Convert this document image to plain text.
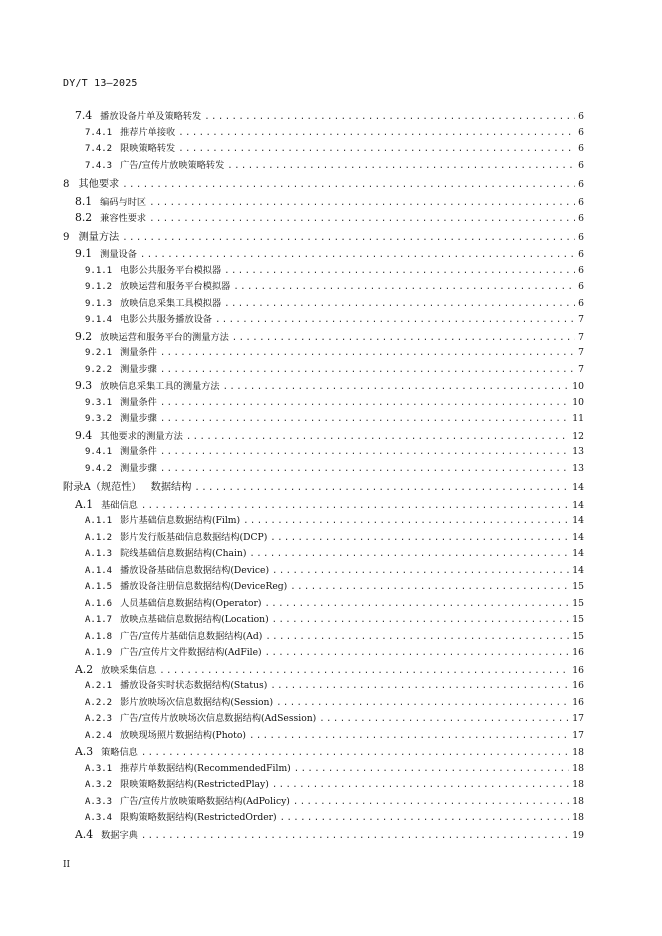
DY/T 13—2025
7.4 播放设备片单及策略转发 .....	6
7.4.1 推荐片单接收 .....	6
7.4.2 限映策略转发 .....	6
7.4.3 广告/宣传片放映策略转发 .....	6
8 其他要求 .....	6
8.1 编码与时区 .....	6
8.2 兼容性要求 .....	6
9 测量方法 .....	6
9.1 测量设备 .....	6
9.1.1 电影公共服务平台模拟器 .....	6
9.1.2 放映运营和服务平台模拟器 .....	6
9.1.3 放映信息采集工具模拟器 .....	6
9.1.4 电影公共服务播放设备 .....	7
9.2 放映运营和服务平台的测量方法 .....	7
9.2.1 测量条件 .....	7
9.2.2 测量步骤 .....	7
9.3 放映信息采集工具的测量方法 .....	10
9.3.1 测量条件 .....	10
9.3.2 测量步骤 .....	11
9.4 其他要求的测量方法 .....	12
9.4.1 测量条件 .....	13
9.4.2 测量步骤 .....	13
附录A（规范性） 数据结构 .....	14
A.1 基础信息 .....	14
A.1.1 影片基础信息数据结构(Film) .....	14
A.1.2 影片发行版基础信息数据结构(DCP) .....	14
A.1.3 院线基础信息数据结构(Chain) .....	14
A.1.4 播放设备基础信息数据结构(Device) .....	14
A.1.5 播放设备注册信息数据结构(DeviceReg) .....	15
A.1.6 人员基础信息数据结构(Operator) .....	15
A.1.7 放映点基础信息数据结构(Location) .....	15
A.1.8 广告/宣传片基础信息数据结构(Ad) .....	15
A.1.9 广告/宣传片文件数据结构(AdFile) .....	16
A.2 放映采集信息 .....	16
A.2.1 播放设备实时状态数据结构(Status) .....	16
A.2.2 影片放映场次信息数据结构(Session) .....	16
A.2.3 广告/宣传片放映场次信息数据结构(AdSession) .....	17
A.2.4 放映现场照片数据结构(Photo) .....	17
A.3 策略信息 .....	18
A.3.1 推荐片单数据结构(RecommendedFilm) .....	18
A.3.2 限映策略数据结构(RestrictedPlay) .....	18
A.3.3 广告/宣传片放映策略数据结构(AdPolicy) .....	18
A.3.4 限购策略数据结构(RestrictedOrder) .....	18
A.4 数据字典 .....	19
II
